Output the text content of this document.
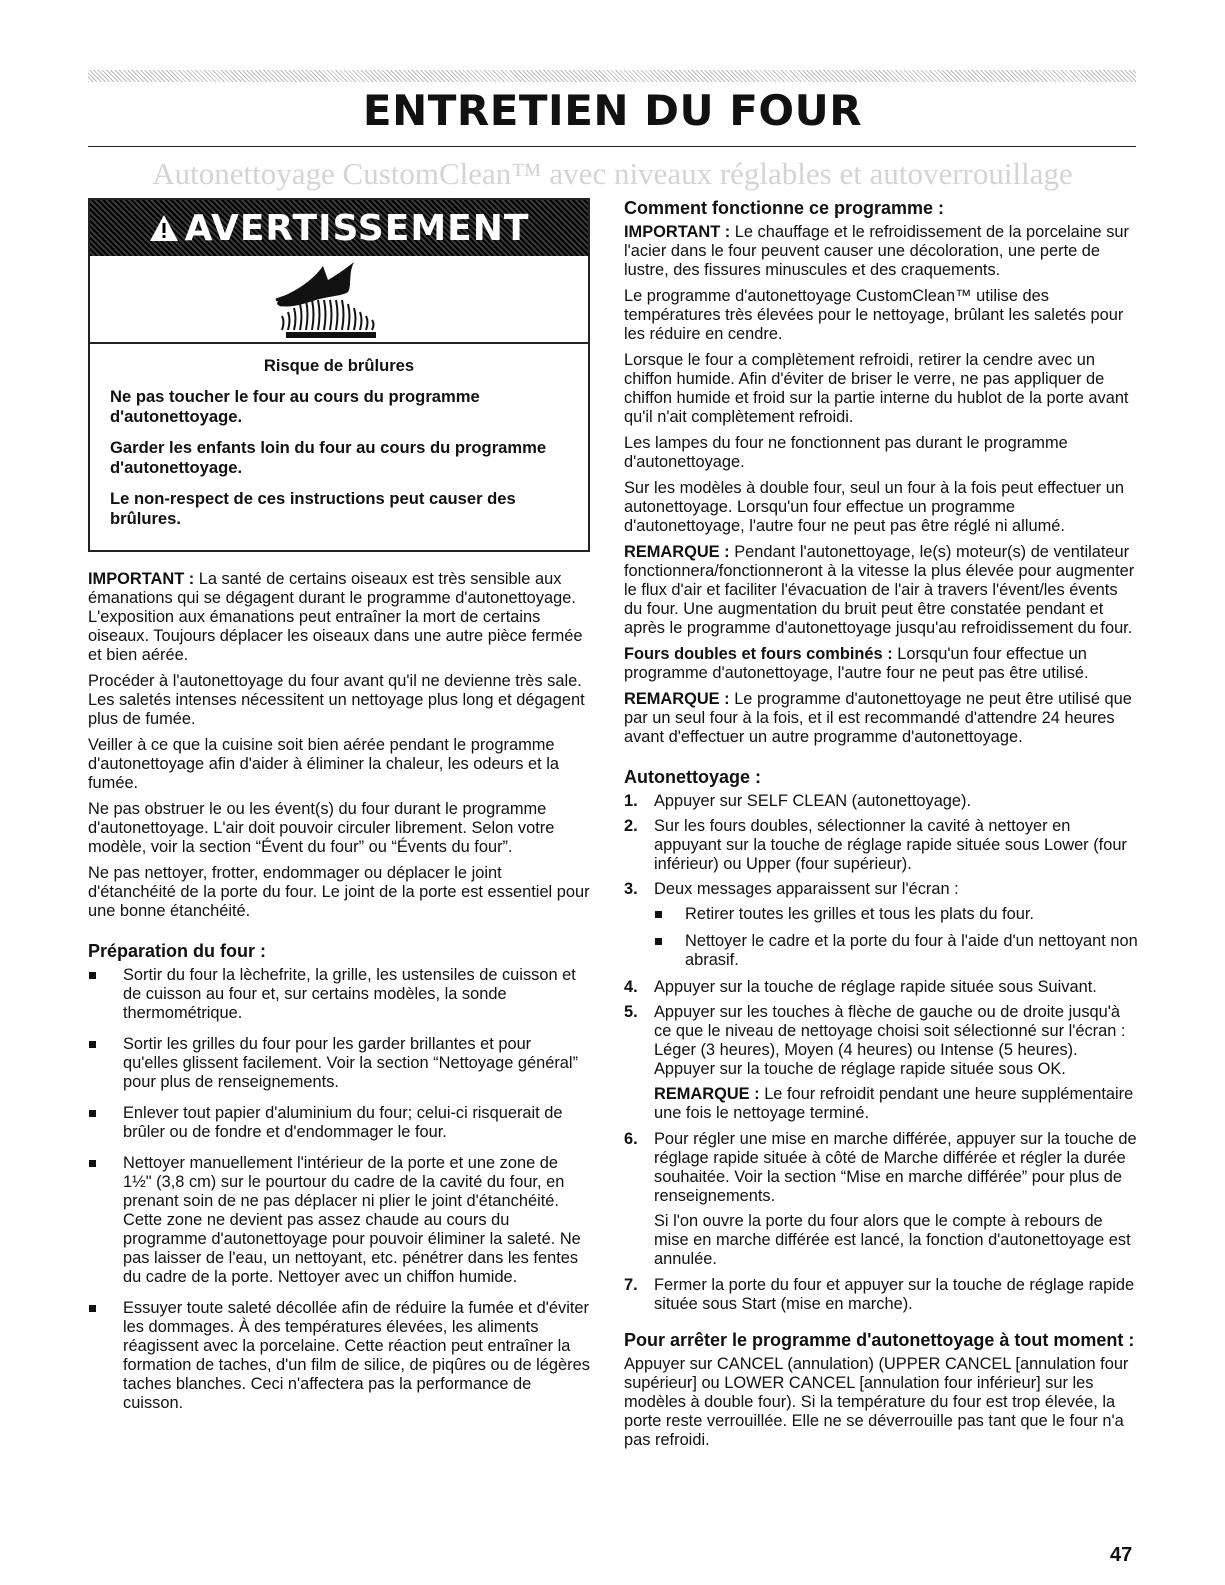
ENTRETIEN DU FOUR
Autonettoyage CustomClean™ avec niveaux réglables et autoverrouillage
AVERTISSEMENT

Risque de brûlures

Ne pas toucher le four au cours du programme d'autonettoyage.

Garder les enfants loin du four au cours du programme d'autonettoyage.

Le non-respect de ces instructions peut causer des brûlures.

IMPORTANT : La santé de certains oiseaux est très sensible aux émanations qui se dégagent durant le programme d'autonettoyage. L'exposition aux émanations peut entraîner la mort de certains oiseaux. Toujours déplacer les oiseaux dans une autre pièce fermée et bien aérée.

Procéder à l'autonettoyage du four avant qu'il ne devienne très sale. Les saletés intenses nécessitent un nettoyage plus long et dégagent plus de fumée.

Veiller à ce que la cuisine soit bien aérée pendant le programme d'autonettoyage afin d'aider à éliminer la chaleur, les odeurs et la fumée.

Ne pas obstruer le ou les évent(s) du four durant le programme d'autonettoyage. L'air doit pouvoir circuler librement. Selon votre modèle, voir la section “Évent du four” ou “Évents du four”.

Ne pas nettoyer, frotter, endommager ou déplacer le joint d'étanchéité de la porte du four. Le joint de la porte est essentiel pour une bonne étanchéité.

Préparation du four :
Sortir du four la lèchefrite, la grille, les ustensiles de cuisson et de cuisson au four et, sur certains modèles, la sonde thermométrique.
Sortir les grilles du four pour les garder brillantes et pour qu'elles glissent facilement. Voir la section “Nettoyage général” pour plus de renseignements.
Enlever tout papier d'aluminium du four; celui-ci risquerait de brûler ou de fondre et d'endommager le four.
Nettoyer manuellement l'intérieur de la porte et une zone de 1½" (3,8 cm) sur le pourtour du cadre de la cavité du four, en prenant soin de ne pas déplacer ni plier le joint d'étanchéité. Cette zone ne devient pas assez chaude au cours du programme d'autonettoyage pour pouvoir éliminer la saleté. Ne pas laisser de l'eau, un nettoyant, etc. pénétrer dans les fentes du cadre de la porte. Nettoyer avec un chiffon humide.
Essuyer toute saleté décollée afin de réduire la fumée et d'éviter les dommages. À des températures élevées, les aliments réagissent avec la porcelaine. Cette réaction peut entraîner la formation de taches, d'un film de silice, de piqûres ou de légères taches blanches. Ceci n'affectera pas la performance de cuisson.
Comment fonctionne ce programme :

IMPORTANT : Le chauffage et le refroidissement de la porcelaine sur l'acier dans le four peuvent causer une décoloration, une perte de lustre, des fissures minuscules et des craquements.

Le programme d'autonettoyage CustomClean™ utilise des températures très élevées pour le nettoyage, brûlant les saletés pour les réduire en cendre.

Lorsque le four a complètement refroidi, retirer la cendre avec un chiffon humide. Afin d'éviter de briser le verre, ne pas appliquer de chiffon humide et froid sur la partie interne du hublot de la porte avant qu'il n'ait complètement refroidi.

Les lampes du four ne fonctionnent pas durant le programme d'autonettoyage.

Sur les modèles à double four, seul un four à la fois peut effectuer un autonettoyage. Lorsqu'un four effectue un programme d'autonettoyage, l'autre four ne peut pas être réglé ni allumé.

REMARQUE : Pendant l'autonettoyage, le(s) moteur(s) de ventilateur fonctionnera/fonctionneront à la vitesse la plus élevée pour augmenter le flux d'air et faciliter l'évacuation de l'air à travers l'évent/les évents du four. Une augmentation du bruit peut être constatée pendant et après le programme d'autonettoyage jusqu'au refroidissement du four.

Fours doubles et fours combinés : Lorsqu'un four effectue un programme d'autonettoyage, l'autre four ne peut pas être utilisé.

REMARQUE : Le programme d'autonettoyage ne peut être utilisé que par un seul four à la fois, et il est recommandé d'attendre 24 heures avant d'effectuer un autre programme d'autonettoyage.

Autonettoyage :
1. Appuyer sur SELF CLEAN (autonettoyage).
2. Sur les fours doubles, sélectionner la cavité à nettoyer en appuyant sur la touche de réglage rapide située sous Lower (four inférieur) ou Upper (four supérieur).
3. Deux messages apparaissent sur l'écran :
Retirer toutes les grilles et tous les plats du four.
Nettoyer le cadre et la porte du four à l'aide d'un nettoyant non abrasif.
4. Appuyer sur la touche de réglage rapide située sous Suivant.
5. Appuyer sur les touches à flèche de gauche ou de droite jusqu'à ce que le niveau de nettoyage choisi soit sélectionné sur l'écran : Léger (3 heures), Moyen (4 heures) ou Intense (5 heures). Appuyer sur la touche de réglage rapide située sous OK.

REMARQUE : Le four refroidit pendant une heure supplémentaire une fois le nettoyage terminé.

6. Pour régler une mise en marche différée, appuyer sur la touche de réglage rapide située à côté de Marche différée et régler la durée souhaitée. Voir la section “Mise en marche différée” pour plus de renseignements.

Si l'on ouvre la porte du four alors que le compte à rebours de mise en marche différée est lancé, la fonction d'autonettoyage est annulée.

7. Fermer la porte du four et appuyer sur la touche de réglage rapide située sous Start (mise en marche).
Pour arrêter le programme d'autonettoyage à tout moment :

Appuyer sur CANCEL (annulation) (UPPER CANCEL [annulation four supérieur] ou LOWER CANCEL [annulation four inférieur] sur les modèles à double four). Si la température du four est trop élevée, la porte reste verrouillée. Elle ne se déverrouille pas tant que le four n'a pas refroidi.

47
